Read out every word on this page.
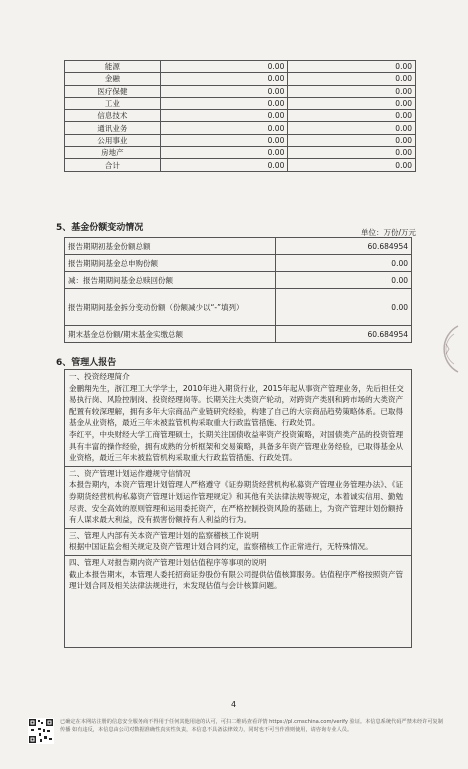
能源	0.00	0.00
金融	0.00	0.00
医疗保健	0.00	0.00
工业	0.00	0.00
信息技术	0.00	0.00
通讯业务	0.00	0.00
公用事业	0.00	0.00
房地产	0.00	0.00
合计	0.00	0.00
5、基金份额变动情况	单位：万份/万元
报告期期初基金份额总额	60.684954
报告期期间基金总申购份额	0.00
减：报告期期间基金总赎回份额	0.00
报告期期间基金拆分变动份额（份额减少以“-”填列）	0.00
期末基金总份额/期末基金实缴总额	60.684954
6、管理人报告

一、投资经理简介

金鹏翔先生，浙江理工大学学士，2010年进入期货行业，2015年起从事资产管理业务，先后担任交易执行岗、风险控制岗、投资经理岗等。长期关注大类资产轮动，对跨资产类别和跨市场的大类资产配置有较深理解，拥有多年大宗商品产业链研究经验，构建了自己的大宗商品趋势策略体系。已取得基金从业资格，最近三年未被监管机构采取重大行政监管措施、行政处罚。

李红平，中央财经大学工商管理硕士，长期关注国债收益率资产投资策略，对国债类产品的投资管理具有丰富的操作经验，拥有成熟的分析框架和交易策略，具备多年资产管理业务经验，已取得基金从业资格，最近三年未被监管机构采取重大行政监管措施、行政处罚。

二、资产管理计划运作遵规守信情况

本报告期内，本资产管理计划管理人严格遵守《证券期货经营机构私募资产管理业务管理办法》、《证券期货经营机构私募资产管理计划运作管理规定》和其他有关法律法规等规定，本着诚实信用、勤勉尽责、安全高效的原则管理和运用委托资产，在严格控制投资风险的基础上，为资产管理计划份额持有人谋求最大利益，没有损害份额持有人利益的行为。

三、管理人内部有关本资产管理计划的监察稽核工作说明

根据中国证监会相关规定及资产管理计划合同约定，监察稽核工作正常进行，无特殊情况。

四、管理人对报告期内资产管理计划估值程序等事项的说明

截止本报告期末，本管理人委托招商证券股份有限公司提供估值核算服务。估值程序严格按照资产管理计划合同及相关法律法规进行，未发现估值与会计核算问题。

4
已确定在本网站注册的信息安全服务商不得用于任何其他用途的认可，可扫二维码查看详情 https://pl.cmschina.com/verify 验证。本信息系统代码严禁未经许可复制传播 如有违反，本信息由公司对数据准确性真实性负责，本信息不具备法律效力，同时也不可当作准则使用，请咨询专业人员。
